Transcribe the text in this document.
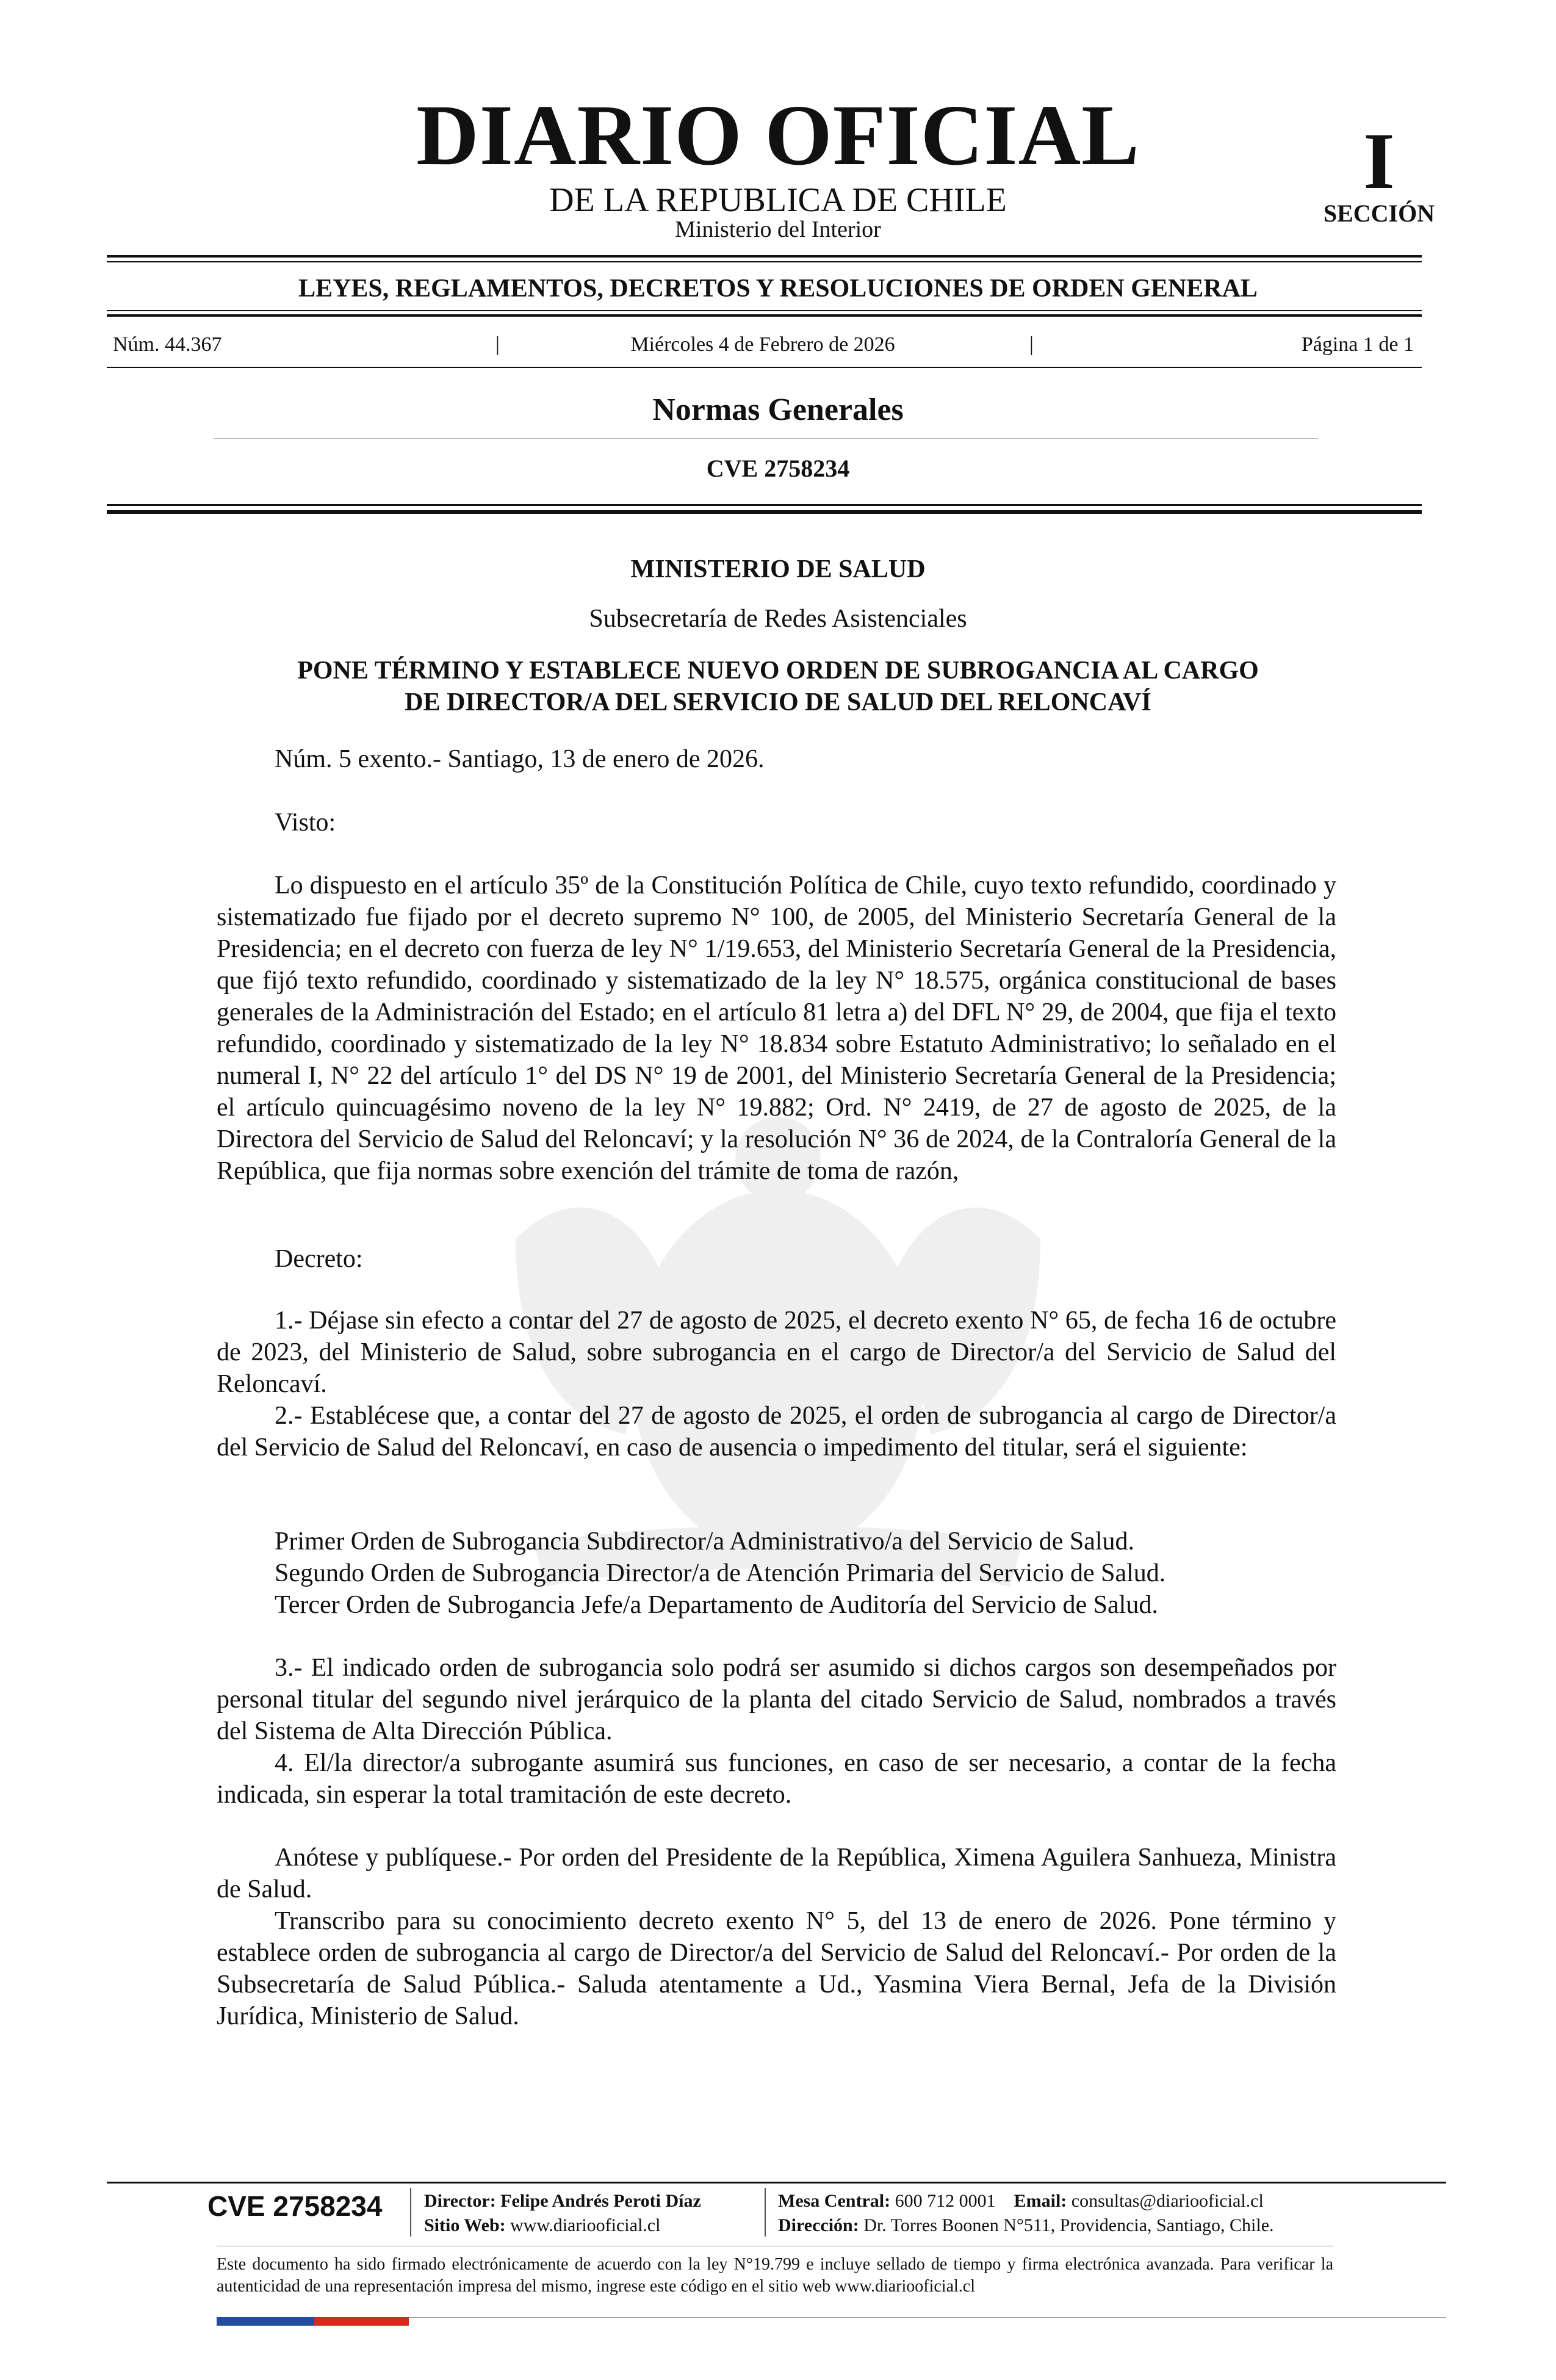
DIARIO OFICIAL
DE LA REPUBLICA DE CHILE
Ministerio del Interior
I
SECCIÓN
LEYES, REGLAMENTOS, DECRETOS Y RESOLUCIONES DE ORDEN GENERAL
Núm. 44.367	|	Miércoles 4 de Febrero de 2026	|	Página 1 de 1
Normas Generales
CVE 2758234
MINISTERIO DE SALUD
Subsecretaría de Redes Asistenciales
PONE TÉRMINO Y ESTABLECE NUEVO ORDEN DE SUBROGANCIA AL CARGO
DE DIRECTOR/A DEL SERVICIO DE SALUD DEL RELONCAVÍ
Núm. 5 exento.- Santiago, 13 de enero de 2026.
Visto:
Lo dispuesto en el artículo 35º de la Constitución Política de Chile, cuyo texto refundido, coordinado y sistematizado fue fijado por el decreto supremo N° 100, de 2005, del Ministerio Secretaría General de la Presidencia; en el decreto con fuerza de ley N° 1/19.653, del Ministerio Secretaría General de la Presidencia, que fijó texto refundido, coordinado y sistematizado de la ley N° 18.575, orgánica constitucional de bases generales de la Administración del Estado; en el artículo 81 letra a) del DFL N° 29, de 2004, que fija el texto refundido, coordinado y sistematizado de la ley N° 18.834 sobre Estatuto Administrativo; lo señalado en el numeral I, N° 22 del artículo 1° del DS N° 19 de 2001, del Ministerio Secretaría General de la Presidencia; el artículo quincuagésimo noveno de la ley N° 19.882; Ord. N° 2419, de 27 de agosto de 2025, de la Directora del Servicio de Salud del Reloncaví; y la resolución N° 36 de 2024, de la Contraloría General de la República, que fija normas sobre exención del trámite de toma de razón,
Decreto:
1.- Déjase sin efecto a contar del 27 de agosto de 2025, el decreto exento N° 65, de fecha 16 de octubre de 2023, del Ministerio de Salud, sobre subrogancia en el cargo de Director/a del Servicio de Salud del Reloncaví.
2.- Establécese que, a contar del 27 de agosto de 2025, el orden de subrogancia al cargo de Director/a del Servicio de Salud del Reloncaví, en caso de ausencia o impedimento del titular, será el siguiente:
Primer Orden de Subrogancia Subdirector/a Administrativo/a del Servicio de Salud.
Segundo Orden de Subrogancia Director/a de Atención Primaria del Servicio de Salud.
Tercer Orden de Subrogancia Jefe/a Departamento de Auditoría del Servicio de Salud.
3.- El indicado orden de subrogancia solo podrá ser asumido si dichos cargos son desempeñados por personal titular del segundo nivel jerárquico de la planta del citado Servicio de Salud, nombrados a través del Sistema de Alta Dirección Pública.
4. El/la director/a subrogante asumirá sus funciones, en caso de ser necesario, a contar de la fecha indicada, sin esperar la total tramitación de este decreto.
Anótese y publíquese.- Por orden del Presidente de la República, Ximena Aguilera Sanhueza, Ministra de Salud.
Transcribo para su conocimiento decreto exento N° 5, del 13 de enero de 2026. Pone término y establece orden de subrogancia al cargo de Director/a del Servicio de Salud del Reloncaví.- Por orden de la Subsecretaría de Salud Pública.- Saluda atentamente a Ud., Yasmina Viera Bernal, Jefa de la División Jurídica, Ministerio de Salud.
CVE 2758234 Director: Felipe Andrés Peroti Díaz
Sitio Web: www.diariooficial.cl
Mesa Central: 600 712 0001 Email: consultas@diariooficial.cl
Dirección: Dr. Torres Boonen N°511, Providencia, Santiago, Chile.
Este documento ha sido firmado electrónicamente de acuerdo con la ley N°19.799 e incluye sellado de tiempo y firma electrónica avanzada. Para verificar la autenticidad de una representación impresa del mismo, ingrese este código en el sitio web www.diariooficial.cl
